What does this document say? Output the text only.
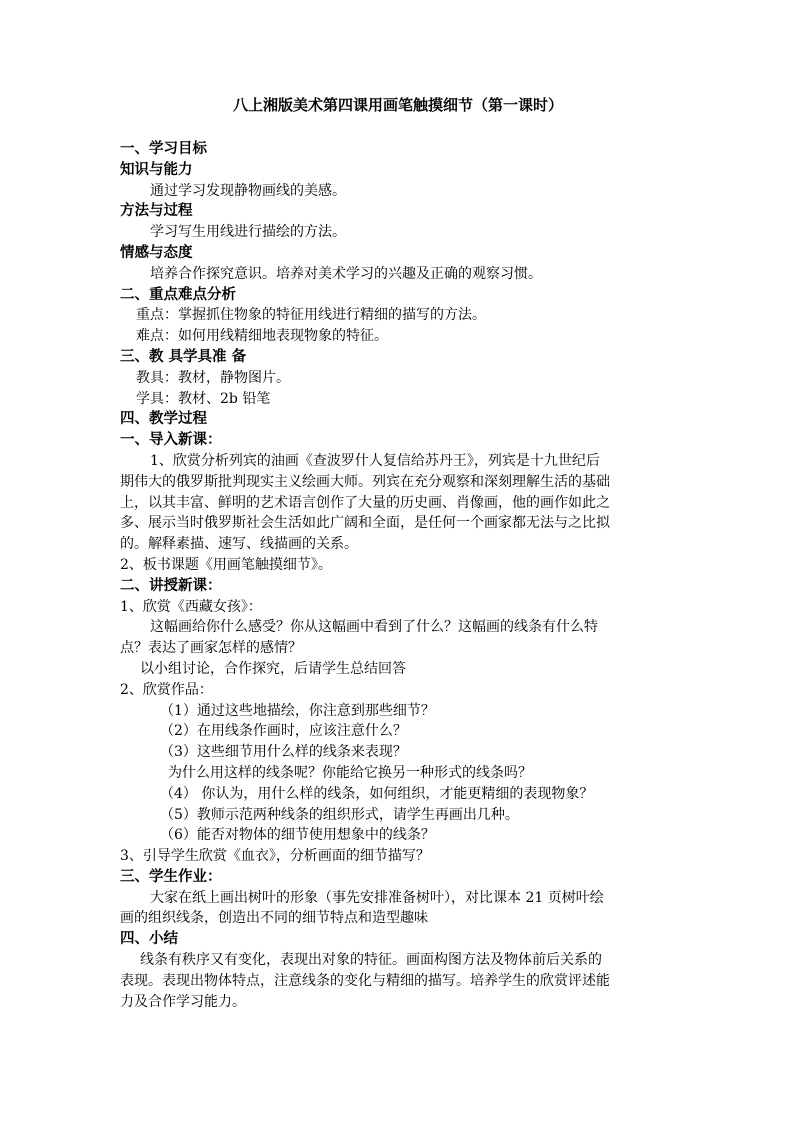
八上湘版美术第四课用画笔触摸细节（第一课时）
一、学习目标
知识与能力
通过学习发现静物画线的美感。
方法与过程
学习写生用线进行描绘的方法。
情感与态度
培养合作探究意识。培养对美术学习的兴趣及正确的观察习惯。
二、重点难点分析
重点：掌握抓住物象的特征用线进行精细的描写的方法。
难点：如何用线精细地表现物象的特征。
三、教 具学具准 备
教具：教材，静物图片。
学具：教材、2b 铅笔
四、教学过程
一、导入新课：
1、欣赏分析列宾的油画《查波罗什人复信给苏丹王》，列宾是十九世纪后
期伟大的俄罗斯批判现实主义绘画大师。列宾在充分观察和深刻理解生活的基础
上，以其丰富、鲜明的艺术语言创作了大量的历史画、肖像画，他的画作如此之
多、展示当时俄罗斯社会生活如此广阔和全面，是任何一个画家都无法与之比拟
的。解释素描、速写、线描画的关系。
2、板书课题《用画笔触摸细节》。
二、讲授新课：
1、欣赏《西藏女孩》：
这幅画给你什么感受？你从这幅画中看到了什么？这幅画的线条有什么特
点？表达了画家怎样的感情？
以小组讨论，合作探究，后请学生总结回答
2、欣赏作品：
（1）通过这些地描绘，你注意到那些细节？
（2）在用线条作画时，应该注意什么？
（3）这些细节用什么样的线条来表现？
为什么用这样的线条呢？你能给它换另一种形式的线条吗？
（4） 你认为，用什么样的线条，如何组织，才能更精细的表现物象？
（5）教师示范两种线条的组织形式，请学生再画出几种。
（6）能否对物体的细节使用想象中的线条？
3、引导学生欣赏《血衣》，分析画面的细节描写？
三、学生作业：
大家在纸上画出树叶的形象（事先安排准备树叶），对比课本 21 页树叶绘
画的组织线条，创造出不同的细节特点和造型趣味
四、小结
线条有秩序又有变化，表现出对象的特征。画面构图方法及物体前后关系的
表现。表现出物体特点，注意线条的变化与精细的描写。培养学生的欣赏评述能
力及合作学习能力。
